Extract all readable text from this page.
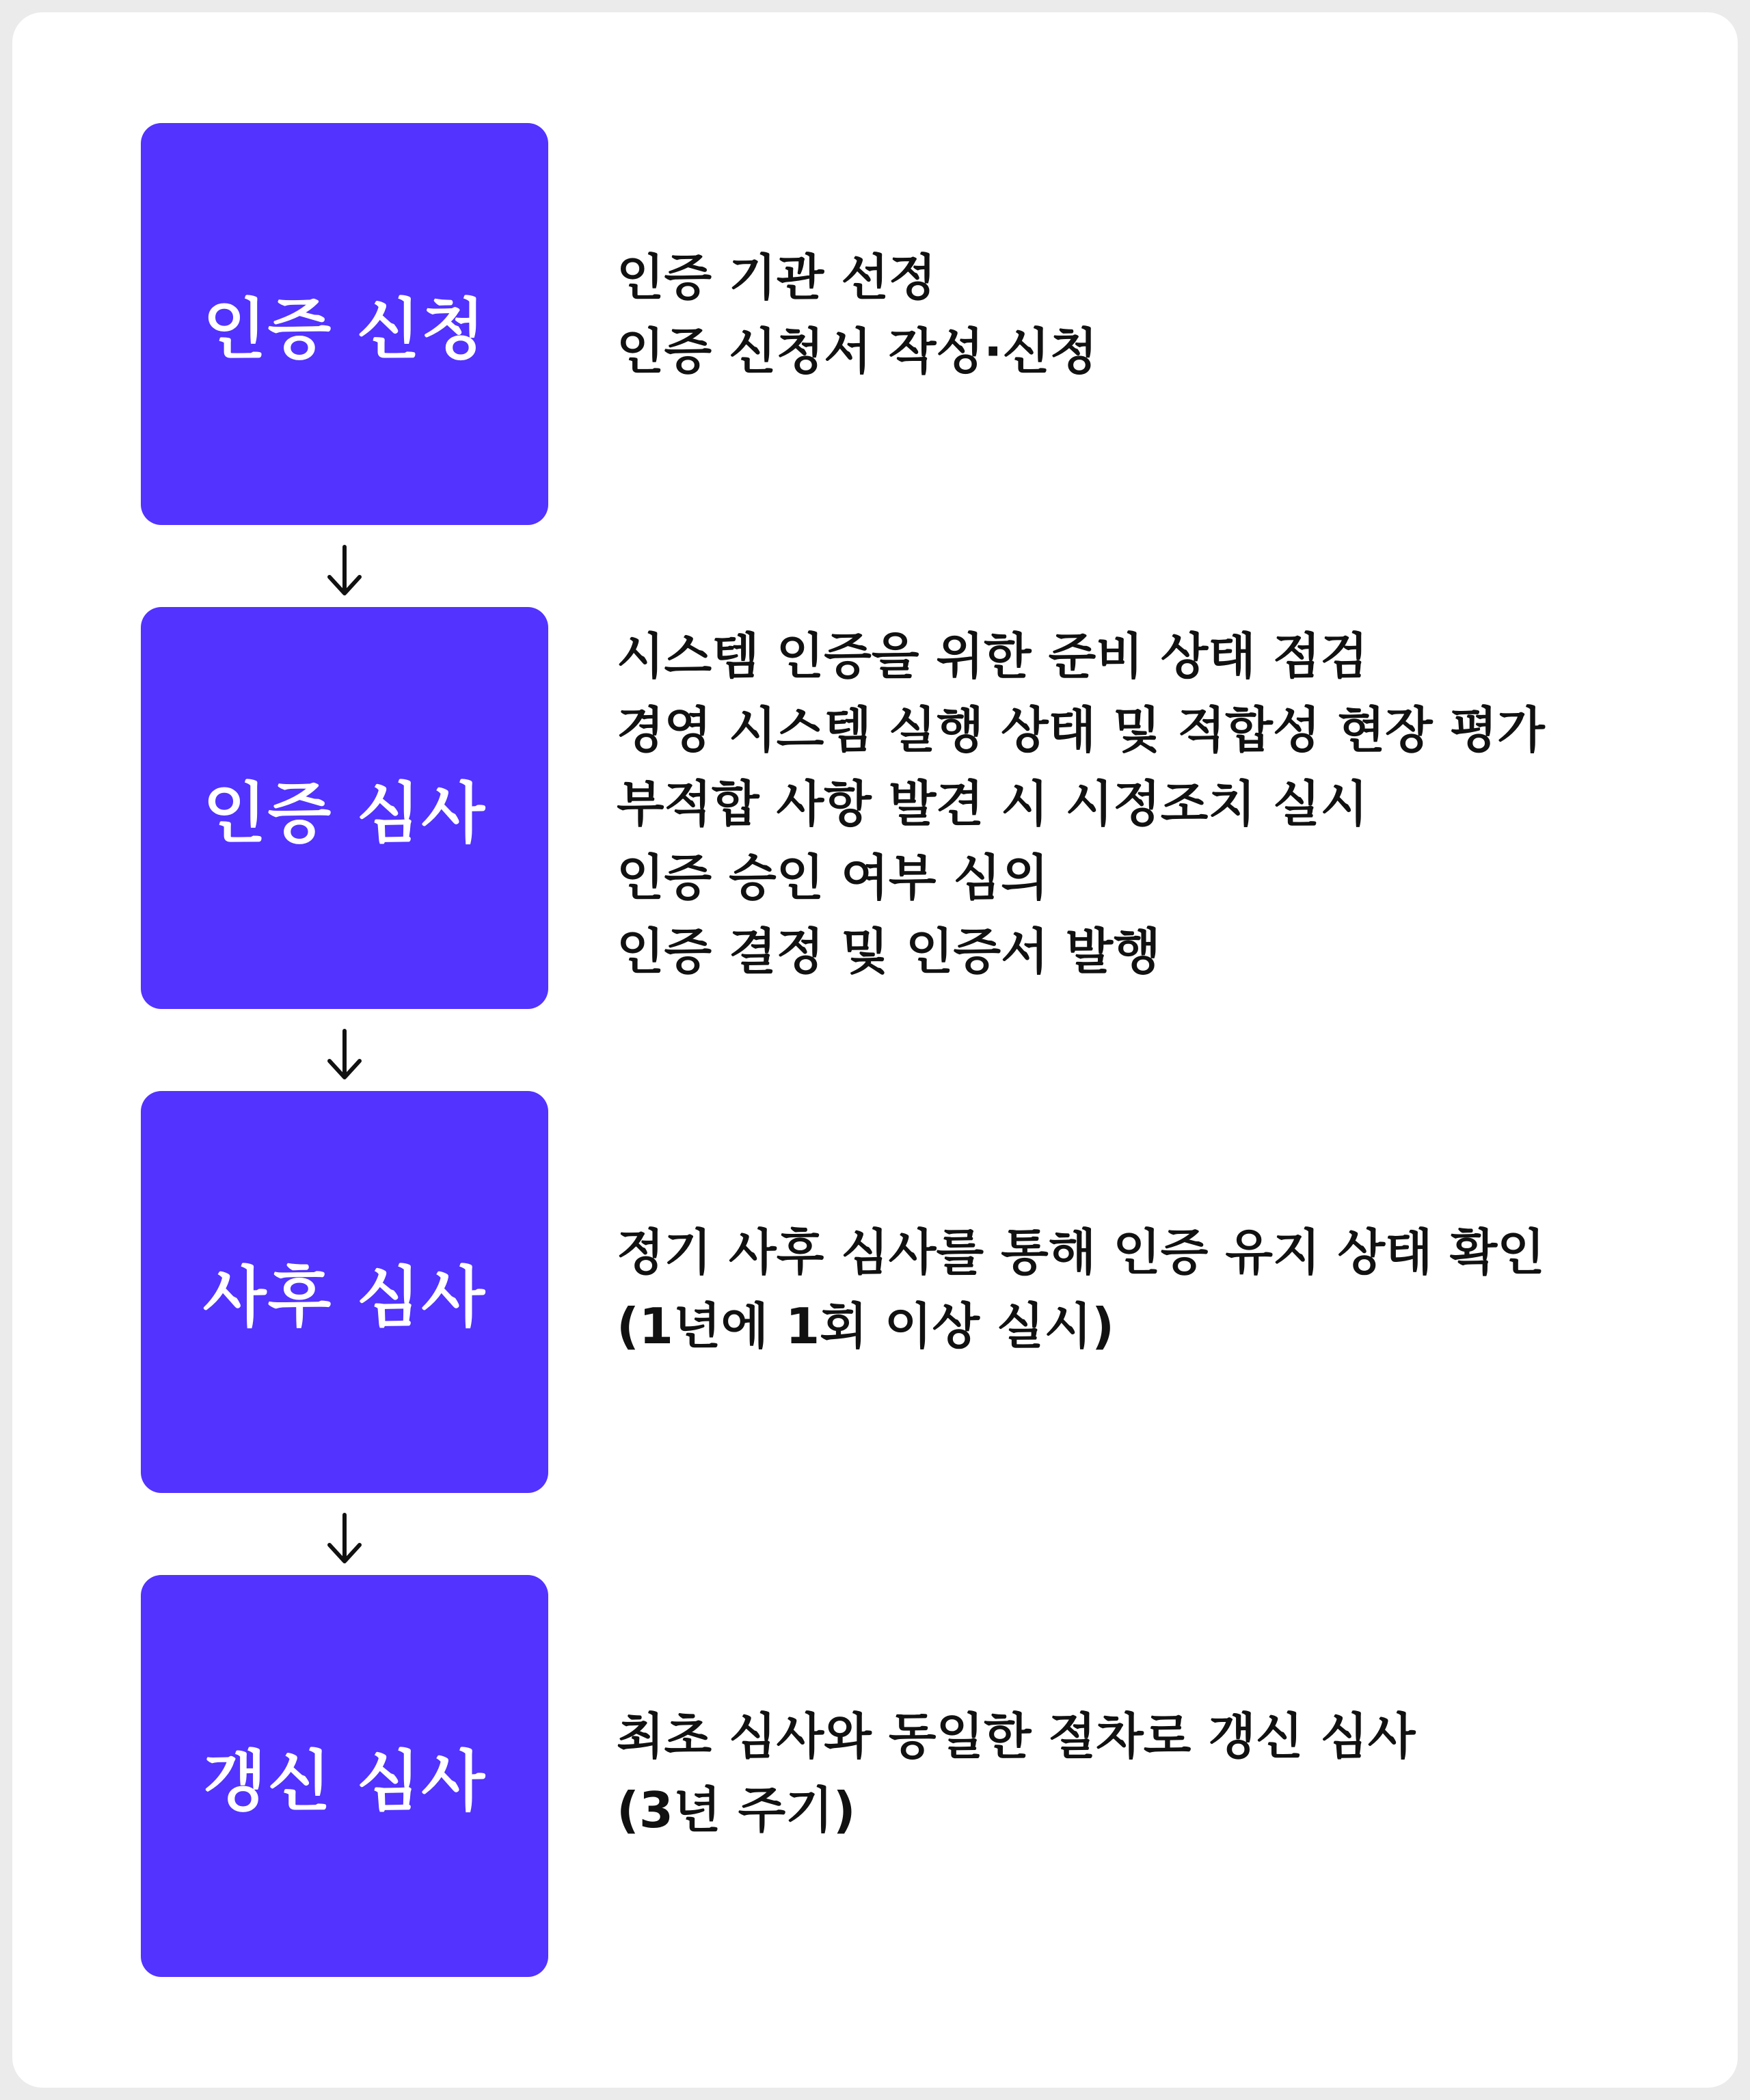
인증 신청
인증 기관 선정
인증 신청서 작성·신청
인증 심사
시스템 인증을 위한 준비 상태 점검
경영 시스템 실행 상태 및 적합성 현장 평가
부적합 사항 발견 시 시정조치 실시
인증 승인 여부 심의
인증 결정 및 인증서 발행
사후 심사
정기 사후 심사를 통해 인증 유지 상태 확인
(1년에 1회 이상 실시)
갱신 심사
최초 심사와 동일한 절차로 갱신 심사
(3년 주기)
